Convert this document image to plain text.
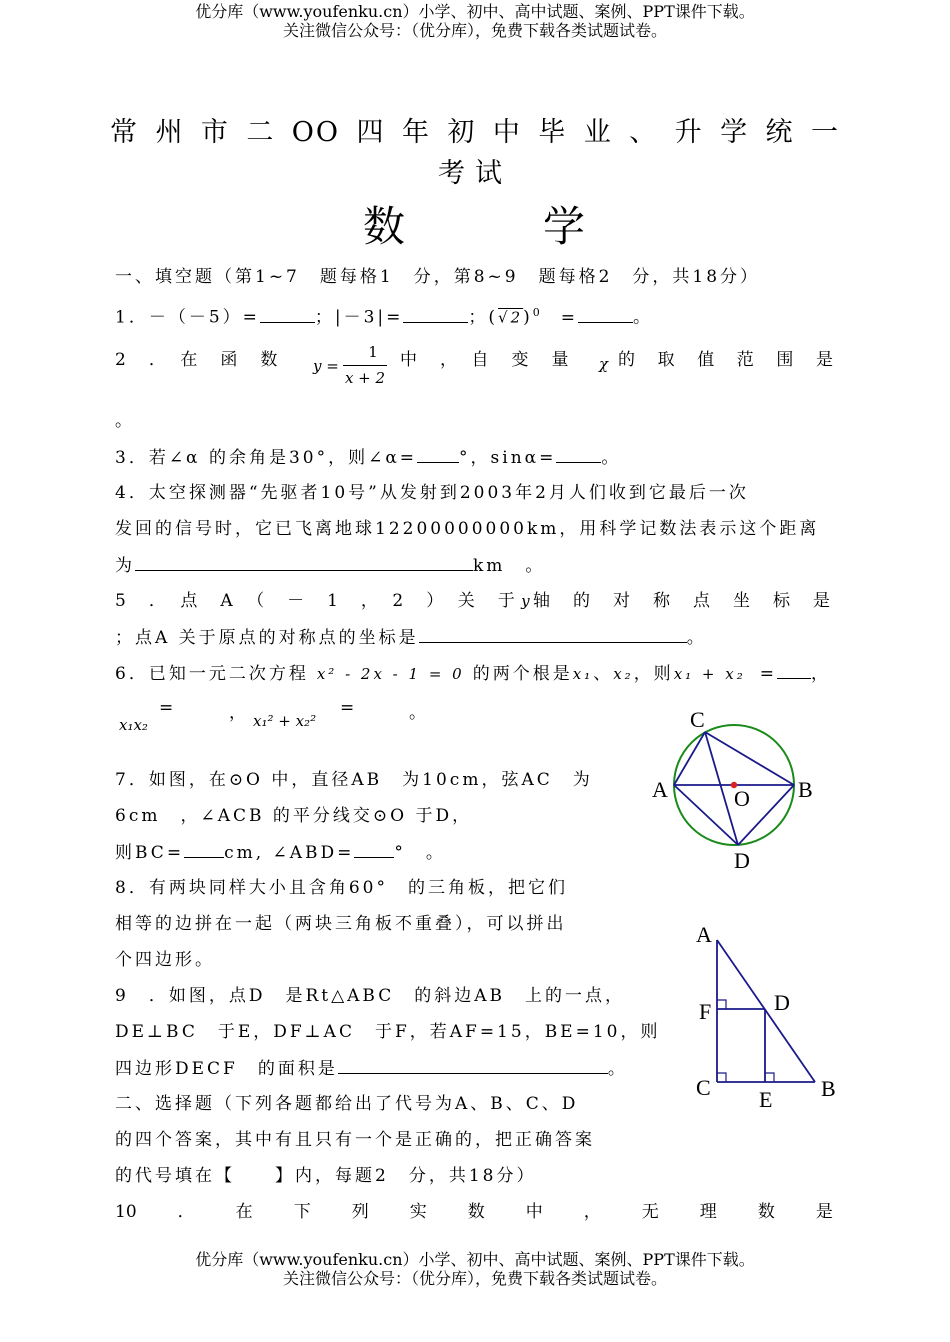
优分库（www.youfenku.cn）小学、初中、高中试题、案例、PPT课件下载。
关注微信公众号：（优分库），免费下载各类试题试卷。
常州市二OO四年初中毕业、升学统一
考试
数	学
一、填空题（第1~7　题每格1　分，第8~9　题每格2　分，共18分）
1．－（－5）=	；|－3|=	；$(√2)^0$ =	。
2　．　在　函　数 y =
1
x + 2
中　，　自　变　量 χ 的　取　值　范　围　是
。
3．若∠α 的余角是30°，则∠α= °，sinα=	。
4．太空探测器“先驱者10号”从发射到2003年2月人们收到它最后一次
发回的信号时，它已飞离地球12200000000km，用科学记数法表示这个距离
为	km　。
5　．　点　A　（　－　1　，　2　）　关　于 y 轴　的　对　称　点　坐　标　是
；点A 关于原点的对称点的坐标是	。
6．已知一元二次方程 x² - 2x - 1 = 0 的两个根是x₁、x₂，则x₁ + x₂ = ，
x₁x₂
=	， x₁² + x₂²
=	。
7．如图，在⊙O 中，直径AB　为10cm，弦AC　为
6cm　，∠ACB 的平分线交⊙O 于D，
则BC= cm, ∠ABD= °　。
8．有两块同样大小且含角60°　的三角板，把它们
相等的边拼在一起（两块三角板不重叠），可以拼出
个四边形。
9　．如图，点D　是Rt△ABC　的斜边AB　上的一点，
DE⊥BC　于E，DF⊥AC　于F，若AF=15，BE=10，则
四边形DECF　的面积是	。
二、选择题（下列各题都给出了代号为A、B、C、D
的四个答案，其中有且只有一个是正确的，把正确答案
的代号填在【　　】内，每题2　分，共18分）
10 ． 在 下 列 实 数 中 ， 无 理 数 是
C
A	B
O
D
A
F	D
C E B
优分库（www.youfenku.cn）小学、初中、高中试题、案例、PPT课件下载。
关注微信公众号：（优分库），免费下载各类试题试卷。
